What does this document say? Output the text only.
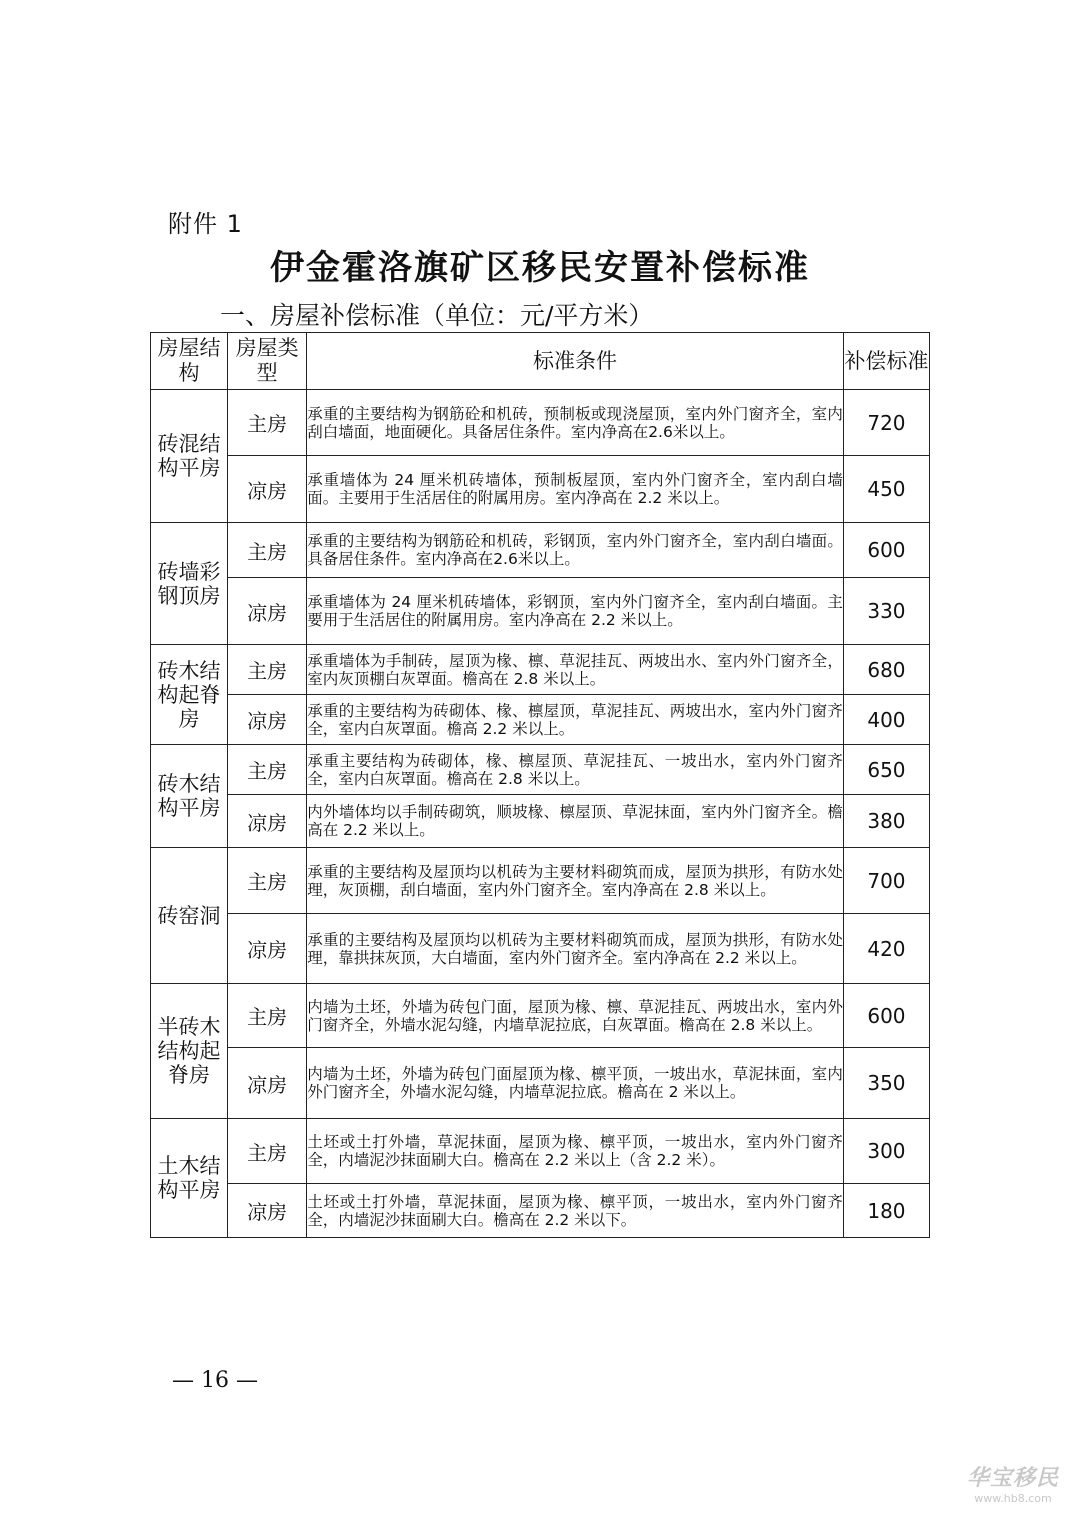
附件 1
伊金霍洛旗矿区移民安置补偿标准
一、房屋补偿标准（单位：元/平方米）
房屋结构	房屋类型	标准条件	补偿标准
砖混结构平房	主房	承重的主要结构为钢筋砼和机砖，预制板或现浇屋顶，室内外门窗齐全，室内刮白墙面，地面硬化。具备居住条件。室内净高在2.6米以上。	720
	凉房	承重墙体为 24 厘米机砖墙体，预制板屋顶，室内外门窗齐全，室内刮白墙面。主要用于生活居住的附属用房。室内净高在 2.2 米以上。	450
砖墙彩钢顶房	主房	承重的主要结构为钢筋砼和机砖，彩钢顶，室内外门窗齐全，室内刮白墙面。具备居住条件。室内净高在2.6米以上。	600
	凉房	承重墙体为 24 厘米机砖墙体，彩钢顶，室内外门窗齐全，室内刮白墙面。主要用于生活居住的附属用房。室内净高在 2.2 米以上。	330
砖木结构起脊房	主房	承重墙体为手制砖，屋顶为椽、檩、草泥挂瓦、两坡出水、室内外门窗齐全，室内灰顶棚白灰罩面。檐高在 2.8 米以上。	680
	凉房	承重的主要结构为砖砌体、椽、檩屋顶，草泥挂瓦、两坡出水，室内外门窗齐全，室内白灰罩面。檐高 2.2 米以上。	400
砖木结构平房	主房	承重主要结构为砖砌体，椽、檩屋顶、草泥挂瓦、一坡出水，室内外门窗齐全，室内白灰罩面。檐高在 2.8 米以上。	650
	凉房	内外墙体均以手制砖砌筑，顺坡椽、檩屋顶、草泥抹面，室内外门窗齐全。檐高在 2.2 米以上。	380
砖窑洞	主房	承重的主要结构及屋顶均以机砖为主要材料砌筑而成，屋顶为拱形，有防水处理，灰顶棚，刮白墙面，室内外门窗齐全。室内净高在 2.8 米以上。	700
	凉房	承重的主要结构及屋顶均以机砖为主要材料砌筑而成，屋顶为拱形，有防水处理，靠拱抹灰顶，大白墙面，室内外门窗齐全。室内净高在 2.2 米以上。	420
半砖木结构起脊房	主房	内墙为土坯，外墙为砖包门面，屋顶为椽、檩、草泥挂瓦、两坡出水，室内外门窗齐全，外墙水泥勾缝，内墙草泥拉底，白灰罩面。檐高在 2.8 米以上。	600
	凉房	内墙为土坯，外墙为砖包门面屋顶为椽、檩平顶，一坡出水，草泥抹面，室内外门窗齐全，外墙水泥勾缝，内墙草泥拉底。檐高在 2 米以上。	350
土木结构平房	主房	土坯或土打外墙，草泥抹面，屋顶为椽、檩平顶，一坡出水，室内外门窗齐全，内墙泥沙抹面刷大白。檐高在 2.2 米以上（含 2.2 米）。	300
	凉房	土坯或土打外墙，草泥抹面，屋顶为椽、檩平顶，一坡出水，室内外门窗齐全，内墙泥沙抹面刷大白。檐高在 2.2 米以下。	180
— 16 —
华宝移民
www.hb8.com
